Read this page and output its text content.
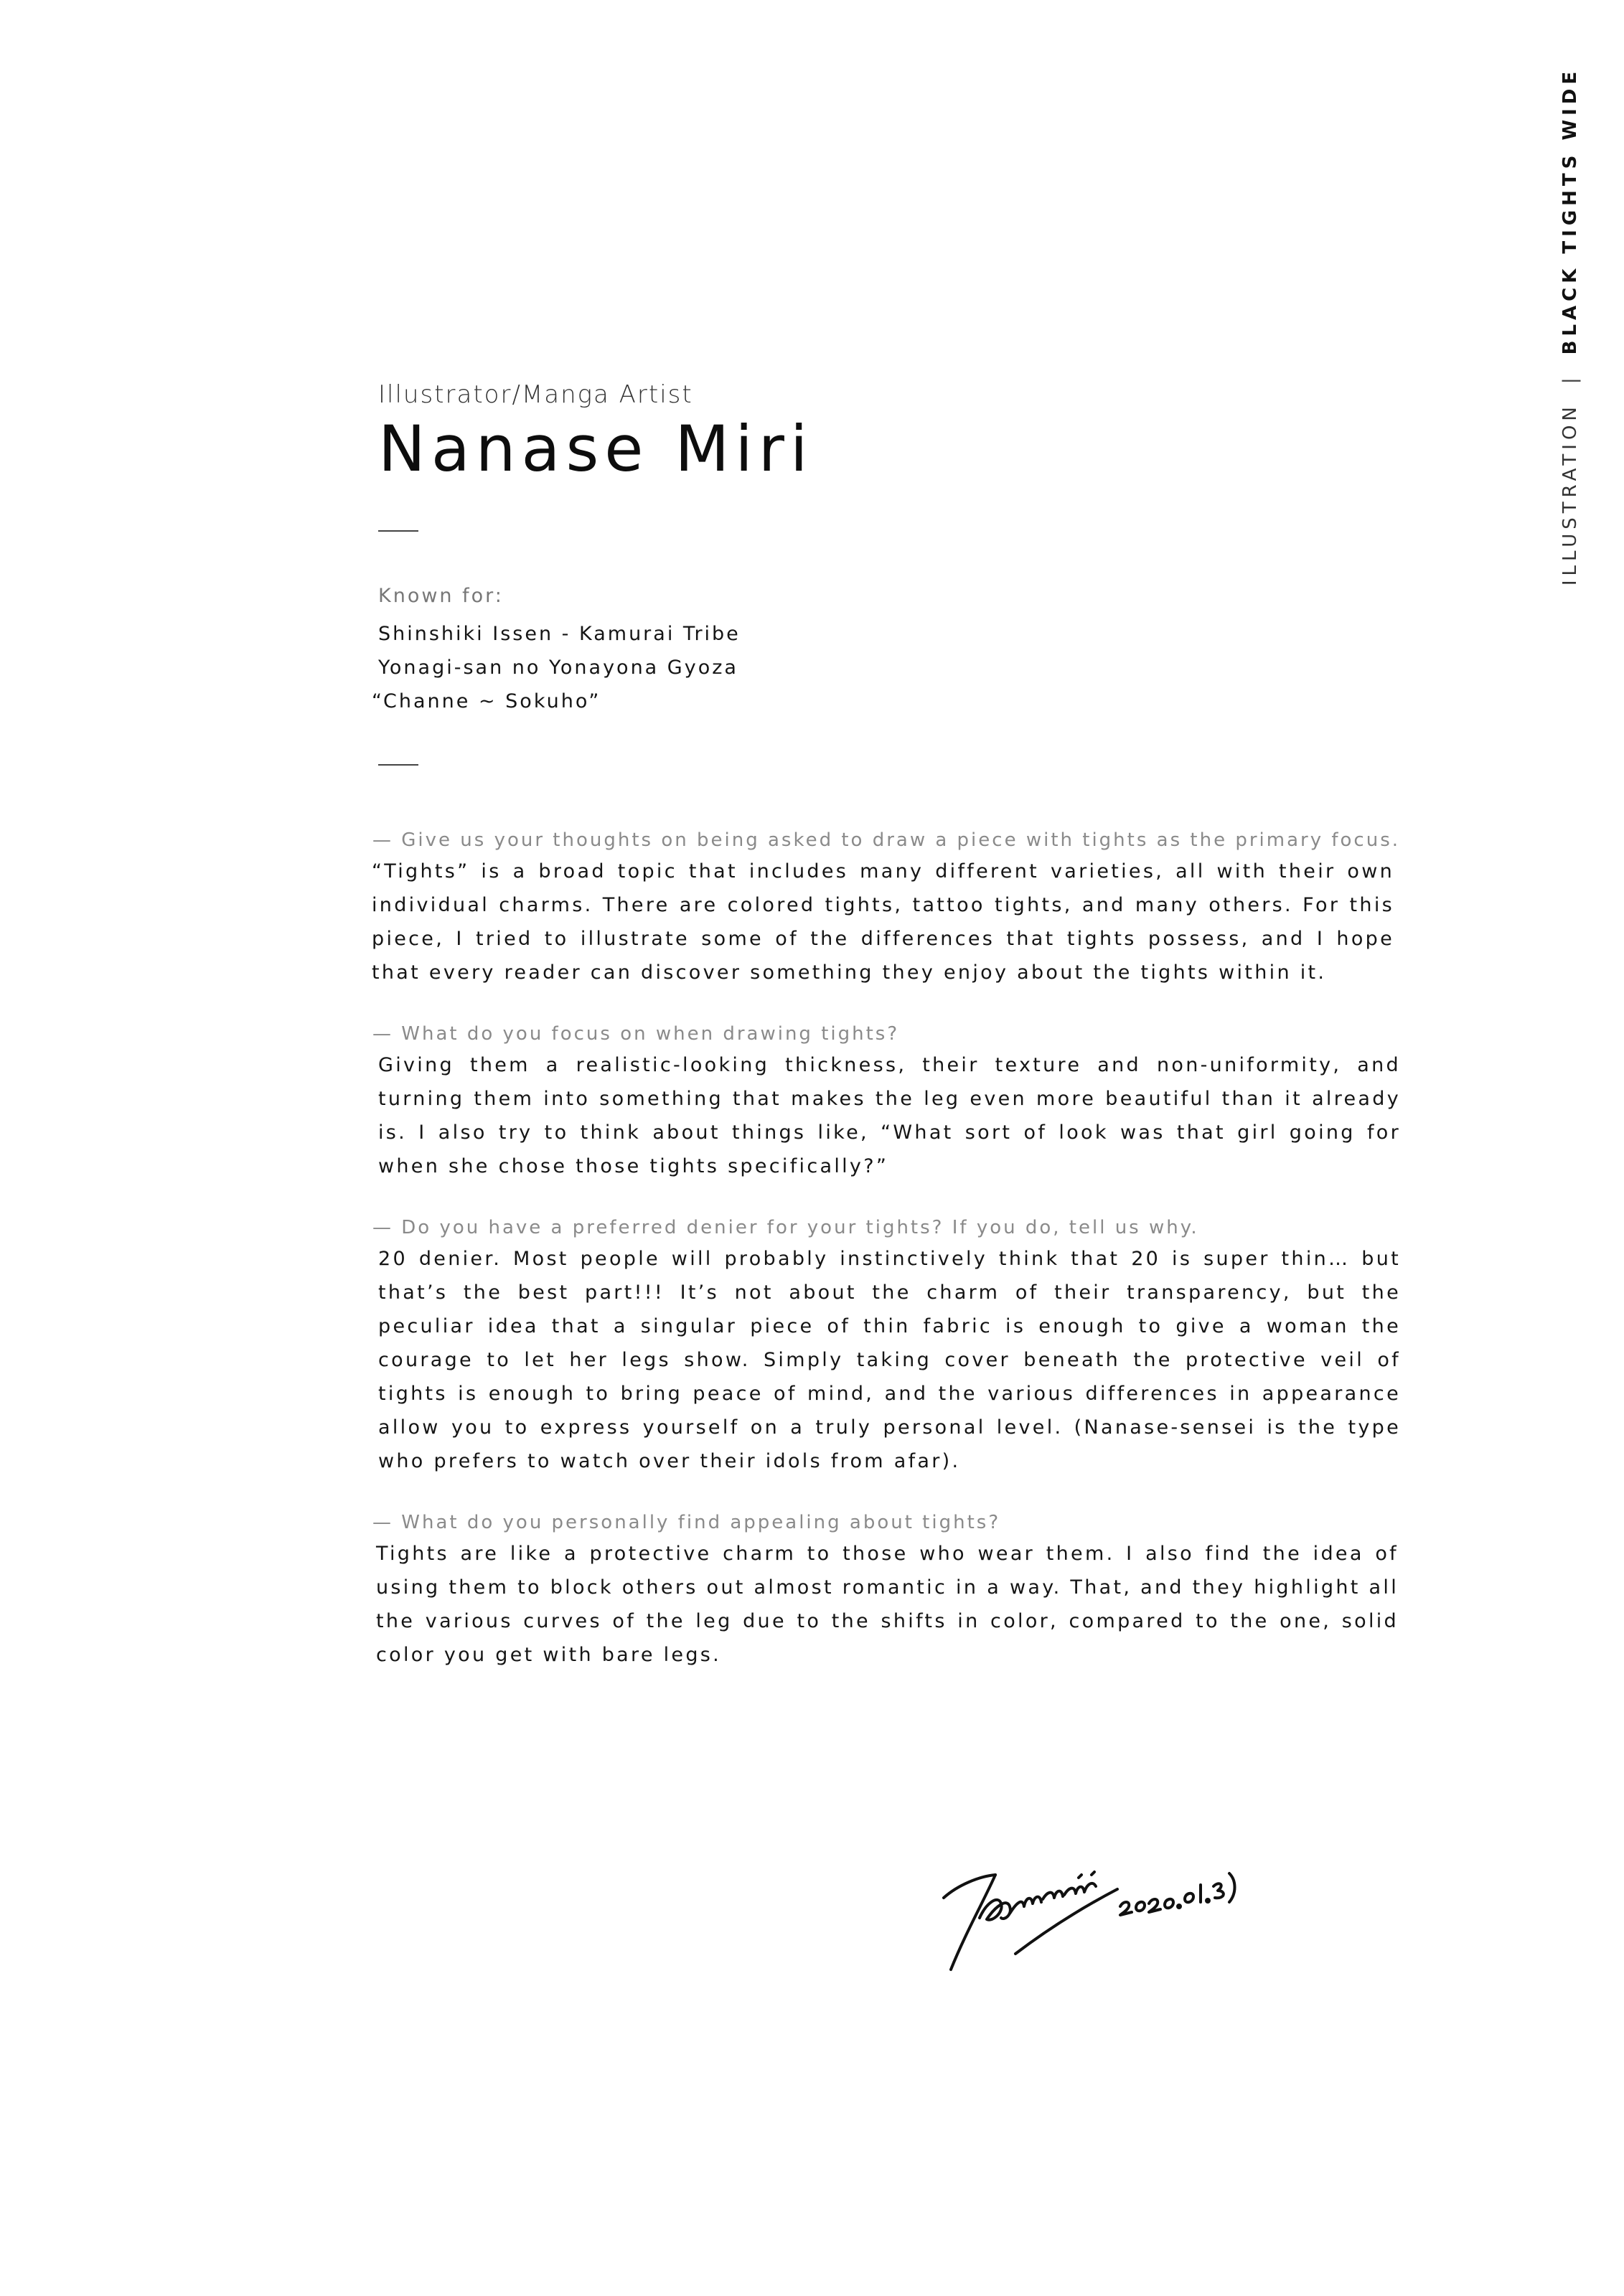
ILLUSTRATION|BLACK TIGHTS WIDE
Illustrator/Manga Artist
Nanase Miri
Known for:
Shinshiki Issen - Kamurai Tribe
Yonagi-san no Yonayona Gyoza
“Channe ~ Sokuho”
— Give us your thoughts on being asked to draw a piece with tights as the primary focus.
“Tights” is a broad topic that includes many different varieties, all with their own individual charms. There are colored tights, tattoo tights, and many others. For this piece, I tried to illustrate some of the differences that tights possess, and I hope that every reader can discover something they enjoy about the tights within it.
— What do you focus on when drawing tights?
Giving them a realistic-looking thickness, their texture and non-uniformity, and turning them into something that makes the leg even more beautiful than it already is. I also try to think about things like, “What sort of look was that girl going for when she chose those tights specifically?”
— Do you have a preferred denier for your tights? If you do, tell us why.
20 denier. Most people will probably instinctively think that 20 is super thin… but that’s the best part!!! It’s not about the charm of their transparency, but the peculiar idea that a singular piece of thin fabric is enough to give a woman the courage to let her legs show. Simply taking cover beneath the protective veil of tights is enough to bring peace of mind, and the various differences in appearance allow you to express yourself on a truly personal level. (Nanase-sensei is the type who prefers to watch over their idols from afar).
— What do you personally find appealing about tights?
Tights are like a protective charm to those who wear them. I also find the idea of using them to block others out almost romantic in a way. That, and they highlight all the various curves of the leg due to the shifts in color, compared to the one, solid color you get with bare legs.
